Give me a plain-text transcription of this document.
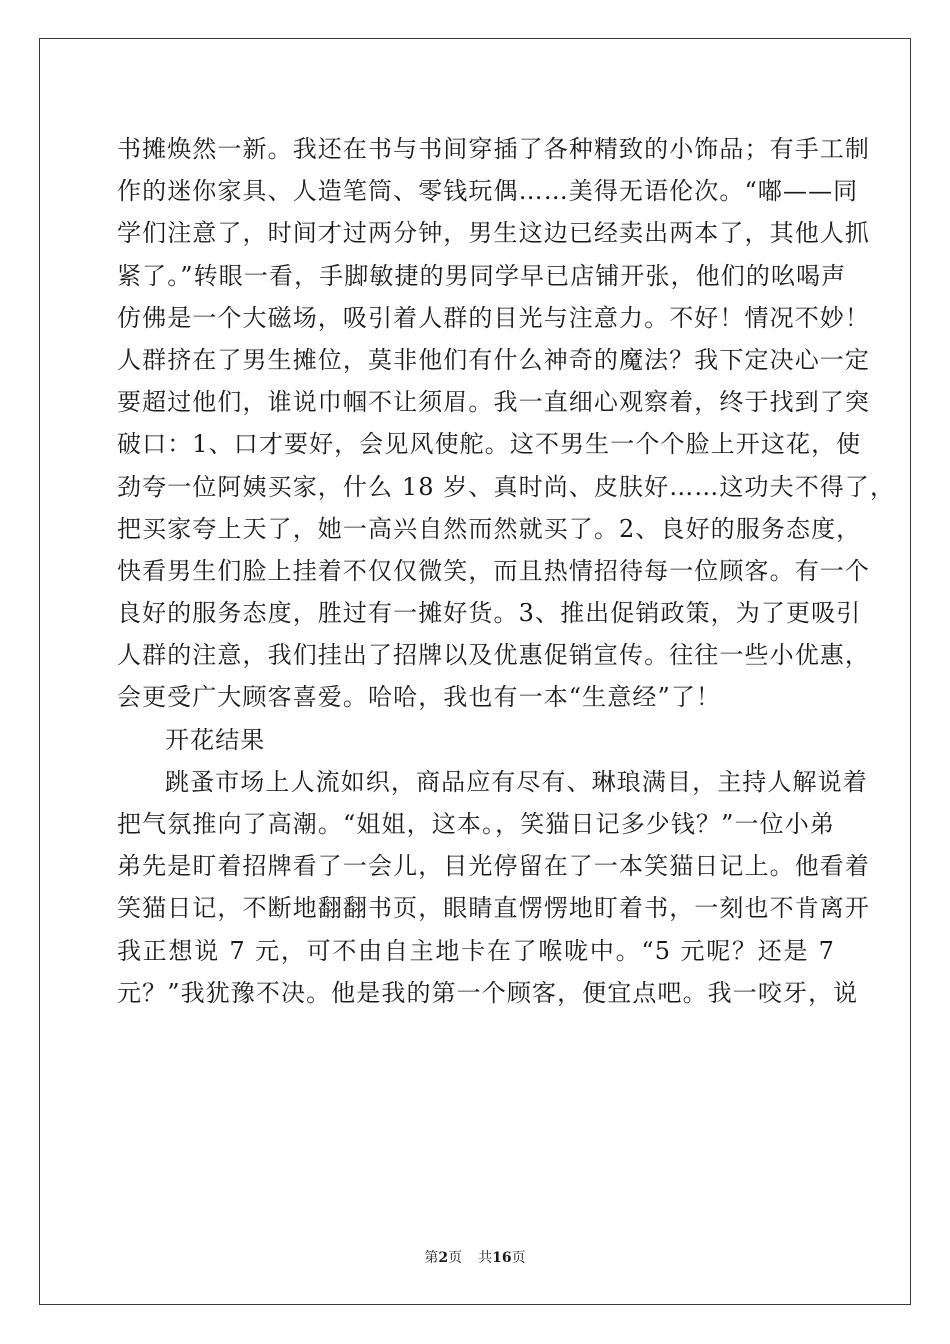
书摊焕然一新。我还在书与书间穿插了各种精致的小饰品；有手工制
作的迷你家具、人造笔筒、零钱玩偶……美得无语伦次。“嘟——同
学们注意了，时间才过两分钟，男生这边已经卖出两本了，其他人抓
紧了。”转眼一看，手脚敏捷的男同学早已店铺开张，他们的吆喝声
仿佛是一个大磁场，吸引着人群的目光与注意力。不好！情况不妙！
人群挤在了男生摊位，莫非他们有什么神奇的魔法？我下定决心一定
要超过他们，谁说巾帼不让须眉。我一直细心观察着，终于找到了突
破口：1、口才要好，会见风使舵。这不男生一个个脸上开这花，使
劲夸一位阿姨买家，什么 18 岁、真时尚、皮肤好……这功夫不得了，
把买家夸上天了，她一高兴自然而然就买了。2、良好的服务态度，
快看男生们脸上挂着不仅仅微笑，而且热情招待每一位顾客。有一个
良好的服务态度，胜过有一摊好货。3、推出促销政策，为了更吸引
人群的注意，我们挂出了招牌以及优惠促销宣传。往往一些小优惠，
会更受广大顾客喜爱。哈哈，我也有一本“生意经”了！
开花结果
跳蚤市场上人流如织，商品应有尽有、琳琅满目，主持人解说着
把气氛推向了高潮。“姐姐，这本。，笑猫日记多少钱？”一位小弟
弟先是盯着招牌看了一会儿，目光停留在了一本笑猫日记上。他看着
笑猫日记，不断地翻翻书页，眼睛直愣愣地盯着书，一刻也不肯离开
我正想说 7 元，可不由自主地卡在了喉咙中。“5 元呢？还是 7
元？”我犹豫不决。他是我的第一个顾客，便宜点吧。我一咬牙，说
第2页 共16页
